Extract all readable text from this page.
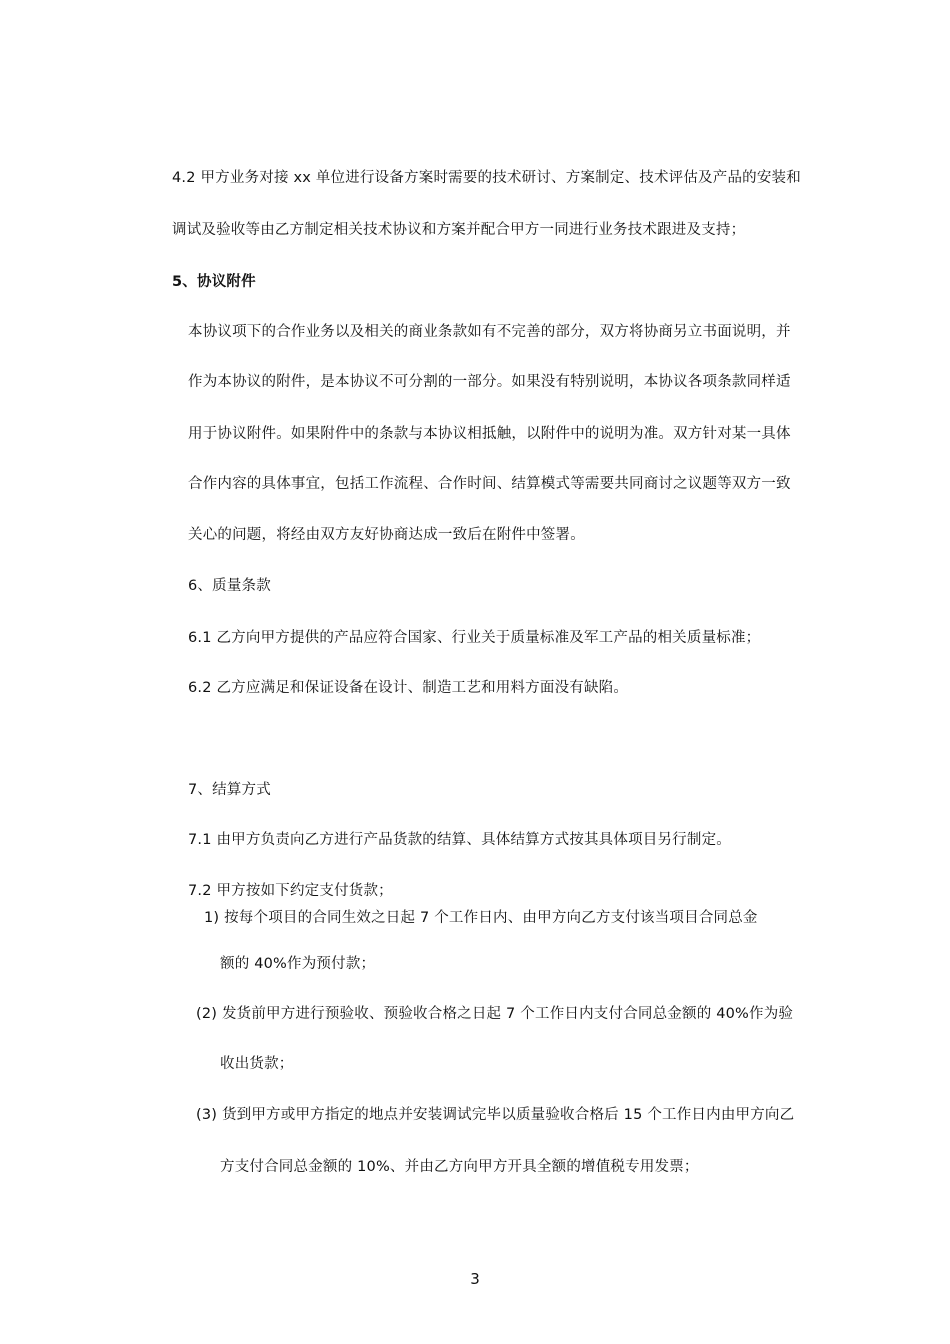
4.2 甲方业务对接 xx 单位进行设备方案时需要的技术研讨、方案制定、技术评估及产品的安装和
调试及验收等由乙方制定相关技术协议和方案并配合甲方一同进行业务技术跟进及支持；
5、协议附件
本协议项下的合作业务以及相关的商业条款如有不完善的部分，双方将协商另立书面说明，并
作为本协议的附件，是本协议不可分割的一部分。如果没有特别说明，本协议各项条款同样适
用于协议附件。如果附件中的条款与本协议相抵触，以附件中的说明为准。双方针对某一具体
合作内容的具体事宜，包括工作流程、合作时间、结算模式等需要共同商讨之议题等双方一致
关心的问题，将经由双方友好协商达成一致后在附件中签署。
6、质量条款
6.1 乙方向甲方提供的产品应符合国家、行业关于质量标准及军工产品的相关质量标准；
6.2 乙方应满足和保证设备在设计、制造工艺和用料方面没有缺陷。
7、结算方式
7.1 由甲方负责向乙方进行产品货款的结算、具体结算方式按其具体项目另行制定。
7.2 甲方按如下约定支付货款；
1) 按每个项目的合同生效之日起 7 个工作日内、由甲方向乙方支付该当项目合同总金
额的 40%作为预付款；
(2) 发货前甲方进行预验收、预验收合格之日起 7 个工作日内支付合同总金额的 40%作为验
收出货款；
(3) 货到甲方或甲方指定的地点并安装调试完毕以质量验收合格后 15 个工作日内由甲方向乙
方支付合同总金额的 10%、并由乙方向甲方开具全额的增值税专用发票；
3
